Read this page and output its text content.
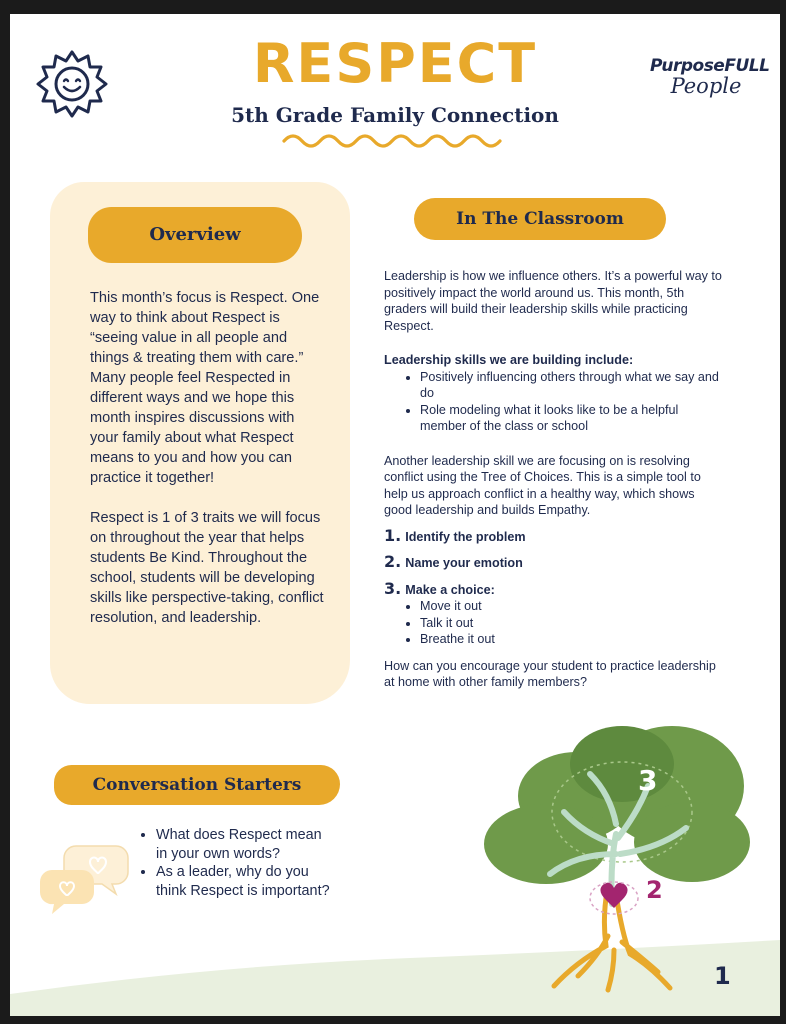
RESPECT
5th Grade Family Connection
PurposeFULL
People
Overview

This month’s focus is Respect. One way to think about Respect is “seeing value in all people and things & treating them with care.” Many people feel Respected in different ways and we hope this month inspires discussions with your family about what Respect means to you and how you can practice it together!

Respect is 1 of 3 traits we will focus on throughout the year that helps students Be Kind. Throughout the school, students will be developing skills like perspective-taking, conflict resolution, and leadership.

In The Classroom

Leadership is how we influence others. It’s a powerful way to positively impact the world around us. This month, 5th graders will build their leadership skills while practicing Respect.

Leadership skills we are building include:

• Positively influencing others through what we say and do
• Role modeling what it looks like to be a helpful member of the class or school

Another leadership skill we are focusing on is resolving conflict using the Tree of Choices. This is a simple tool to help us approach conflict in a healthy way, which shows good leadership and builds Empathy.

1. Identify the problem
2. Name your emotion
3. Make a choice:
• Move it out
• Talk it out
• Breathe it out

How can you encourage your student to practice leadership at home with other family members?

Conversation Starters
• What does Respect mean in your own words?
• As a leader, why do you think Respect is important?
3
2
1
